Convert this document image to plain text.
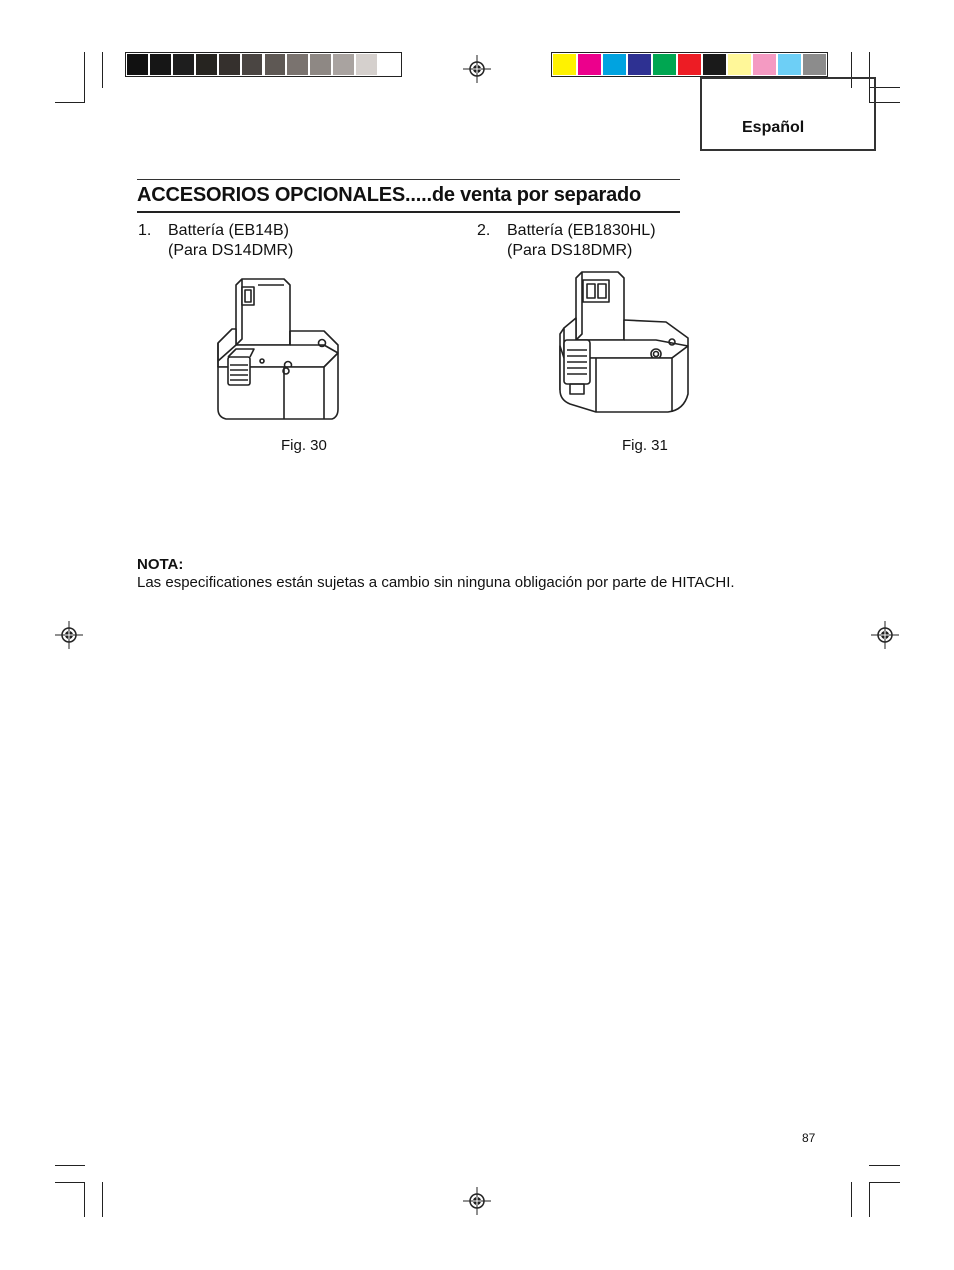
Español
ACCESORIOS OPCIONALES.....de venta por separado
1. Battería (EB14B)
(Para DS14DMR)
2. Battería (EB1830HL)
(Para DS18DMR)
Fig. 30	Fig. 31
NOTA:
Las especificationes están sujetas a cambio sin ninguna obligación por parte de HITACHI.
87
